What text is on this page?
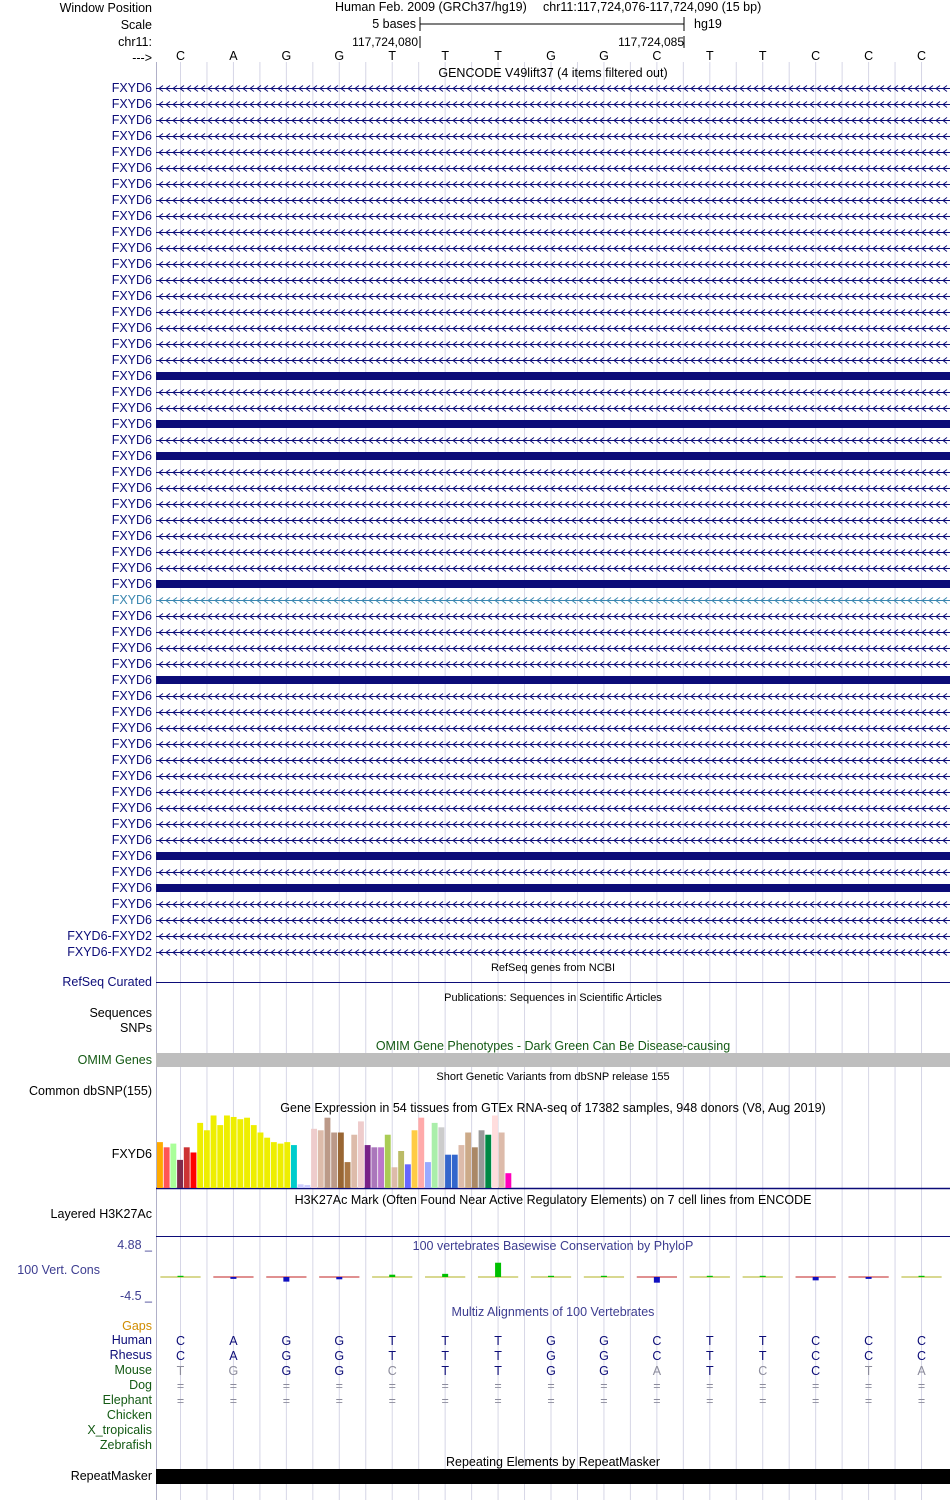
Window Position
Scale
chr11:
--->
FXYD6
FXYD6
FXYD6
FXYD6
FXYD6
FXYD6
FXYD6
FXYD6
FXYD6
FXYD6
FXYD6
FXYD6
FXYD6
FXYD6
FXYD6
FXYD6
FXYD6
FXYD6
FXYD6
FXYD6
FXYD6
FXYD6
FXYD6
FXYD6
FXYD6
FXYD6
FXYD6
FXYD6
FXYD6
FXYD6
FXYD6
FXYD6
FXYD6
FXYD6
FXYD6
FXYD6
FXYD6
FXYD6
FXYD6
FXYD6
FXYD6
FXYD6
FXYD6
FXYD6
FXYD6
FXYD6
FXYD6
FXYD6
FXYD6
FXYD6
FXYD6
FXYD6
FXYD6
FXYD6-FXYD2
FXYD6-FXYD2
RefSeq Curated
Sequences
SNPs
OMIM Genes
Common dbSNP(155)
FXYD6
Layered H3K27Ac
4.88 _
100 Vert. Cons
-4.5 _
Gaps
Human
Rhesus
Mouse
Dog
Elephant
Chicken
X_tropicalis
Zebrafish
RepeatMasker
Human Feb. 2009 (GRCh37/hg19) chr11:117,724,076-117,724,090 (15 bp)
5 bases	hg19
117,724,080	117,724,085
C	A	G	G	T	T	T	G	G	C	T	T	C	C	C
GENCODE V49lift37 (4 items filtered out)
RefSeq genes from NCBI
Publications: Sequences in Scientific Articles
OMIM Gene Phenotypes - Dark Green Can Be Disease-causing
Short Genetic Variants from dbSNP release 155
Gene Expression in 54 tissues from GTEx RNA-seq of 17382 samples, 948 donors (V8, Aug 2019)
H3K27Ac Mark (Often Found Near Active Regulatory Elements) on 7 cell lines from ENCODE
100 vertebrates Basewise Conservation by PhyloP
Multiz Alignments of 100 Vertebrates
C	A	G	G	T	T	T	G	G	C	T	T	C	C	C
C	A	G	G	T	T	T	G	G	C	T	T	C	C	C
T	G	G	G	C	T	T	G	G	A	T	C	C	T	A
=	=	=	=	=	=	=	=	=	=	=	=	=	=	=
=	=	=	=	=	=	=	=	=	=	=	=	=	=	=
Repeating Elements by RepeatMasker
